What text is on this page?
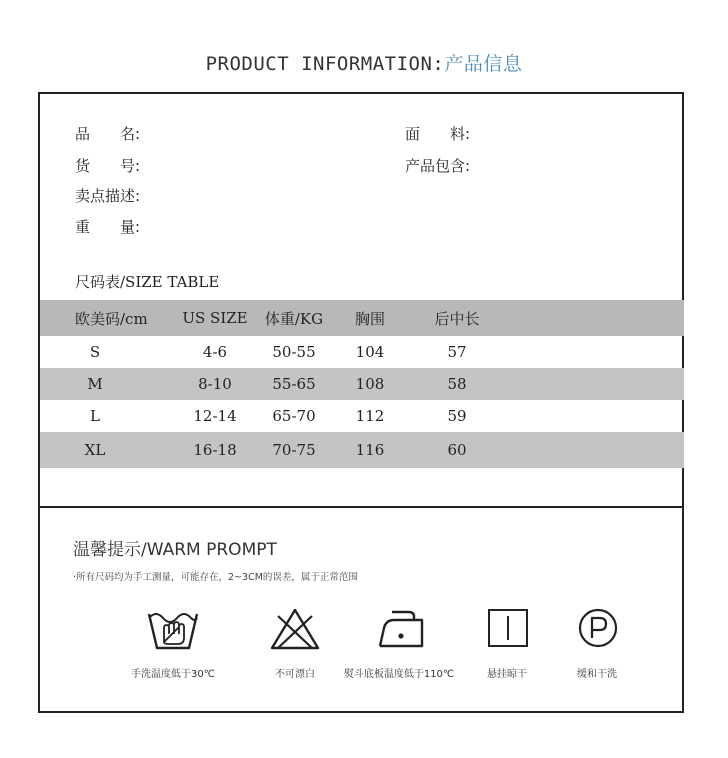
PRODUCT INFORMATION:产品信息
品　　名:
货　　号:
卖点描述:
重　　量:
面　　料:
产品包含:
尺码表/SIZE TABLE
欧美码/cm	US SIZE	体重/KG	胸围	后中长	
S	4-6	50-55	104	57	
M	8-10	55-65	108	58	
L	12-14	65-70	112	59	
XL	16-18	70-75	116	60	
温馨提示/WARM PROMPT
·所有尺码均为手工测量，可能存在，2~3CM的误差，属于正常范围
手洗温度低于30℃	不可漂白	熨斗底板温度低于110℃	悬挂晾干	缓和干洗
